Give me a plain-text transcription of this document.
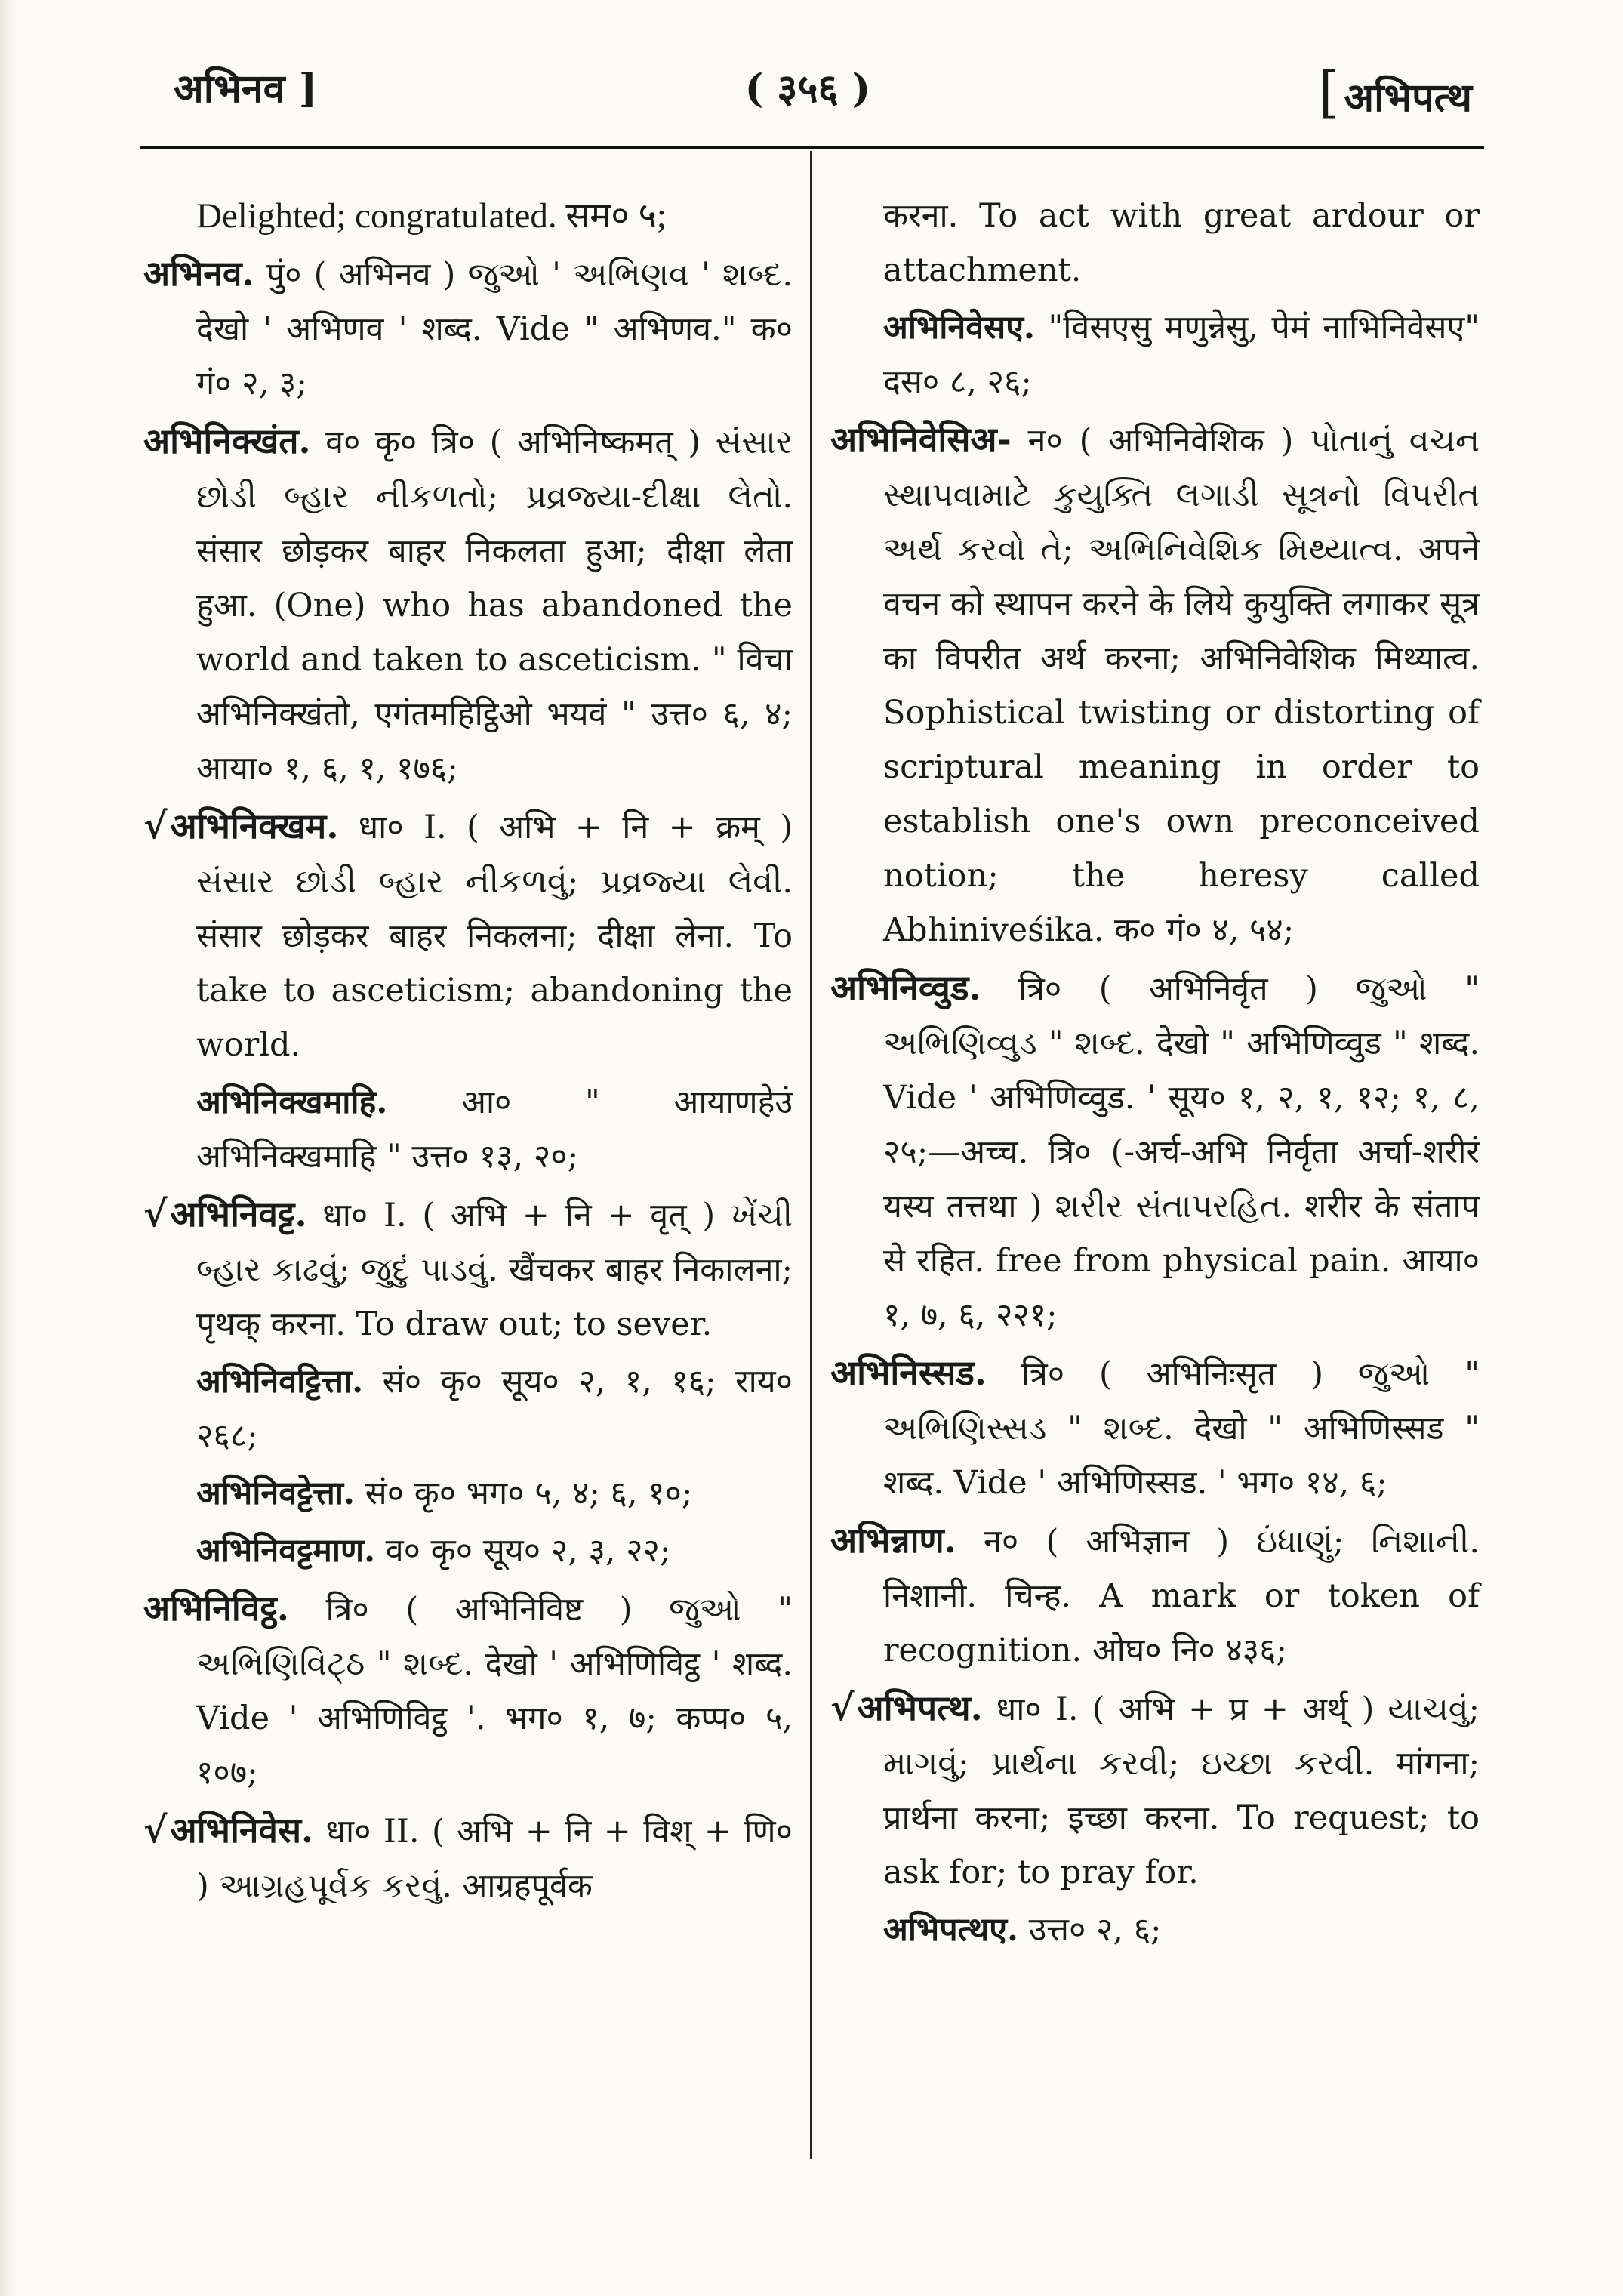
अभिनव ]	( ३५६ )	[ अभिपत्थ

Delighted; congratulated. सम० ५;

अभिनव. पुं० ( अभिनव ) જુઓ ' અભિણવ ' શબ્દ. देखो ' अभिणव ' शब्द. Vide " अभिणव." क० गं० २, ३;

अभिनिक्खंत. व० कृ० त्रि० ( अभिनिष्कमत् ) સંસાર છોડી બ્હાર નીકળતો; પ્રવ્રજ્યા-દીક્ષા લેતો. संसार छोड़कर बाहर निकलता हुआ; दीक्षा लेता हुआ. (One) who has abandoned the world and taken to asceticism. " विचा अभिनिक्खंतो, एगंतमहिट्ठिओ भयवं " उत्त० ६, ४; आया० १, ६, १, १७६;

√अभिनिक्खम. धा० I. ( अभि + नि + क्रम् ) સંસાર છોડી બ્હાર નીકળવું; પ્રવ્રજ્યા લેવી. संसार छोड़कर बाहर निकलना; दीक्षा लेना. To take to asceticism; abandoning the world.

अभिनिक्खमाहि. आ० " आयाणहेउं अभिनिक्खमाहि " उत्त० १३, २०;

√अभिनिवट्ट. धा० I. ( अभि + नि + वृत् ) ખેંચી બ્હાર કાઢવું; જુદું પાડવું. खैंचकर बाहर निकालना; पृथक् करना. To draw out; to sever.

अभिनिवट्टित्ता. सं० कृ० सूय० २, १, १६; राय० २६८;

अभिनिवट्टेत्ता. सं० कृ० भग० ५, ४; ६, १०;

अभिनिवट्टमाण. व० कृ० सूय० २, ३, २२;

अभिनिविट्ठ. त्रि० ( अभिनिविष्ट ) જુઓ " અભિણિવિટ્ઠ " શબ્દ. देखो ' अभिणिविट्ठ ' शब्द. Vide ' अभिणिविट्ठ '. भग० १, ७; कप्प० ५, १०७;

√अभिनिवेस. धा० II. ( अभि + नि + विश् + णि० ) આગ્રહપૂર્વક કરવું. आग्रहपूर्वक

करना. To act with great ardour or attachment.

अभिनिवेसए. "विसएसु मणुन्नेसु, पेमं नाभिनिवेसए" दस० ८, २६;

अभिनिवेसिअ- न० ( अभिनिवेशिक ) પોતાનું વચન સ્થાપવામાટે કુયુક્તિ લગાડી સૂત્રનો વિપરીત અર્થ કરવો તે; અભિનિવેશિક મિથ્યાત્વ. अपने वचन को स्थापन करने के लिये कुयुक्ति लगाकर सूत्र का विपरीत अर्थ करना; अभिनिवेशिक मिथ्यात्व. Sophistical twisting or distorting of scriptural meaning in order to establish one's own preconceived notion; the heresy called Abhiniveśika. क० गं० ४, ५४;

अभिनिव्वुड. त्रि० ( अभिनिर्वृत ) જુઓ " અભિણિવ્વુડ " શબ્દ. देखो " अभिणिव्वुड " शब्द. Vide ' अभिणिव्वुड. ' सूय० १, २, १, १२; १, ८, २५;—अच्च. त्रि० (-अर्च-अभि निर्वृता अर्चा-शरीरं यस्य तत्तथा ) શરીર સંતાપરહિત. शरीर के संताप से रहित. free from physical pain. आया० १, ७, ६, २२१;

अभिनिस्सड. त्रि० ( अभिनिःसृत ) જુઓ " અભિણિસ્સડ " શબ્દ. देखो " अभिणिस्सड " शब्द. Vide ' अभिणिस्सड. ' भग० १४, ६;

अभिन्नाण. न० ( अभिज्ञान ) ઇંધાણું; નિશાની. निशानी. चिन्ह. A mark or token of recognition. ओघ० नि० ४३६;

√अभिपत्थ. धा० I. ( अभि + प्र + अर्थ् ) યાચવું; માગવું; પ્રાર્થના કરવી; ઇચ્છા કરવી. मांगना; प्रार्थना करना; इच्छा करना. To request; to ask for; to pray for.

अभिपत्थए. उत्त० २, ६;
